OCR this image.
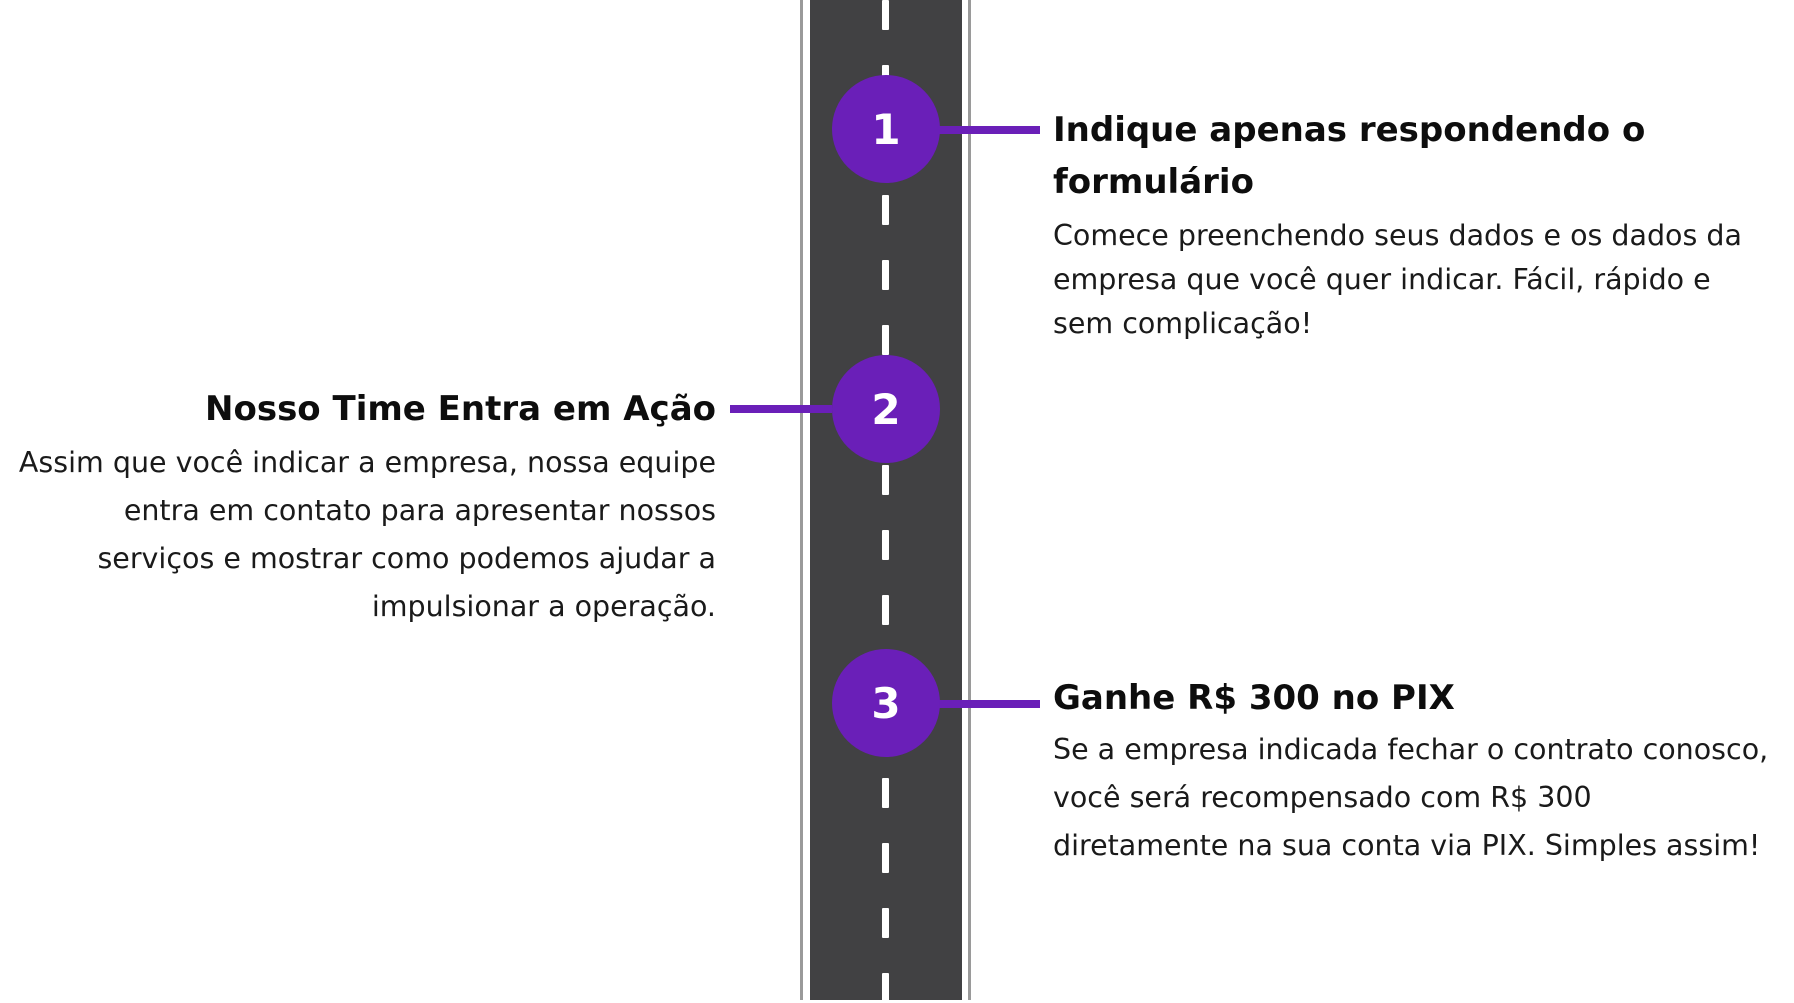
1
2
3

Indique apenas respondendo o formulário

Comece preenchendo seus dados e os dados da empresa que você quer indicar. Fácil, rápido e sem complicação!

Nosso Time Entra em Ação

Assim que você indicar a empresa, nossa equipe entra em contato para apresentar nossos serviços e mostrar como podemos ajudar a impulsionar a operação.

Ganhe R$ 300 no PIX

Se a empresa indicada fechar o contrato conosco, você será recompensado com R$ 300 diretamente na sua conta via PIX. Simples assim!
